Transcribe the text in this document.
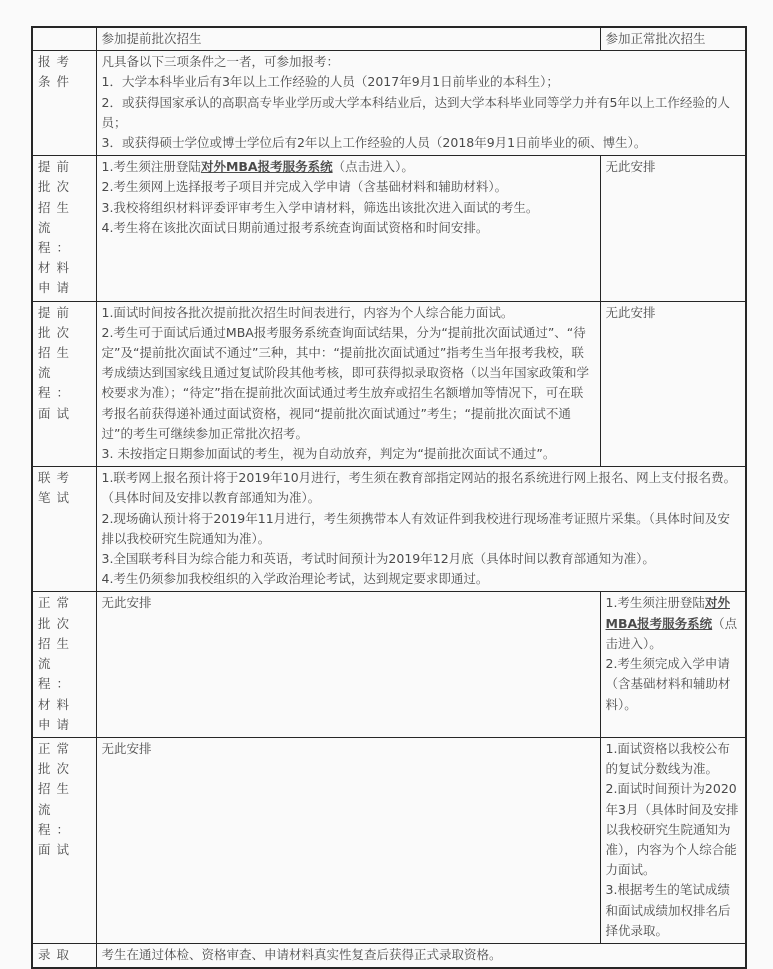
	参加提前批次招生	参加正常批次招生
报考条件	凡具备以下三项条件之一者，可参加报考：

1．大学本科毕业后有3年以上工作经验的人员（2017年9月1日前毕业的本科生）；

2．或获得国家承认的高职高专毕业学历或大学本科结业后，达到大学本科毕业同等学力并有5年以上工作经验的人员；

3．或获得硕士学位或博士学位后有2年以上工作经验的人员（2018年9月1日前毕业的硕、博生）。	

提前批次招生流程：材料申请	1.考生须注册登陆对外MBA报考服务系统（点击进入）。

2.考生须网上选择报考子项目并完成入学申请（含基础材料和辅助材料）。

3.我校将组织材料评委评审考生入学申请材料，筛选出该批次进入面试的考生。

4.考生将在该批次面试日期前通过报考系统查询面试资格和时间安排。	无此安排
提前批次招生流程：面试	1.面试时间按各批次提前批次招生时间表进行，内容为个人综合能力面试。

2.考生可于面试后通过MBA报考服务系统查询面试结果，分为“提前批次面试通过”、“待定”及“提前批次面试不通过”三种，其中：“提前批次面试通过”指考生当年报考我校，联考成绩达到国家线且通过复试阶段其他考核，即可获得拟录取资格（以当年国家政策和学校要求为准）；“待定”指在提前批次面试通过考生放弃或招生名额增加等情况下，可在联考报名前获得递补通过面试资格，视同“提前批次面试通过”考生；“提前批次面试不通过”的考生可继续参加正常批次招考。

3. 未按指定日期参加面试的考生，视为自动放弃，判定为“提前批次面试不通过”。	无此安排
联考笔试	1.联考网上报名预计将于2019年10月进行，考生须在教育部指定网站的报名系统进行网上报名、网上支付报名费。（具体时间及安排以教育部通知为准）。

2.现场确认预计将于2019年11月进行，考生须携带本人有效证件到我校进行现场准考证照片采集。（具体时间及安排以我校研究生院通知为准）。

3.全国联考科目为综合能力和英语，考试时间预计为2019年12月底（具体时间以教育部通知为准）。

4.考生仍须参加我校组织的入学政治理论考试，达到规定要求即通过。	

正常批次招生流程：材料申请	无此安排	1.考生须注册登陆对外MBA报考服务系统（点击进入）。

2.考生须完成入学申请（含基础材料和辅助材料）。

正常批次招生流程：面试	无此安排	1.面试资格以我校公布的复试分数线为准。

2.面试时间预计为2020年3月（具体时间及安排以我校研究生院通知为准），内容为个人综合能力面试。

3.根据考生的笔试成绩和面试成绩加权排名后择优录取。

录取	考生在通过体检、资格审查、申请材料真实性复查后获得正式录取资格。	
